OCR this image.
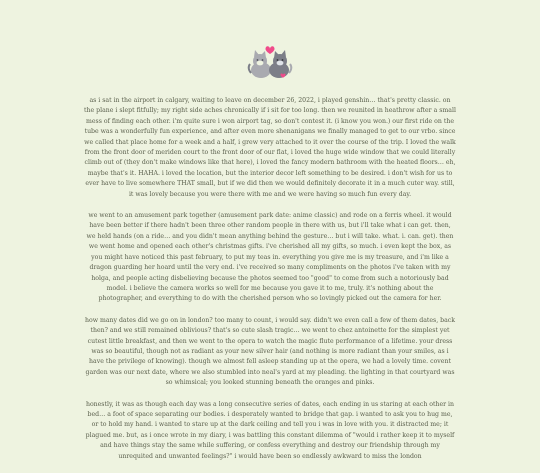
as i sat in the airport in calgary, waiting to leave on december 26, 2022, i played genshin… that's pretty classic. on the plane i slept fitfully; my right side aches chronically if i sit for too long. then we reunited in heathrow after a small mess of finding each other. i'm quite sure i won airport tag, so don't contest it. (i know you won.) our first ride on the tube was a wonderfully fun experience, and after even more shenanigans we finally managed to get to our vrbo. since we called that place home for a week and a half, i grew very attached to it over the course of the trip. I loved the walk from the front door of meriden court to the front door of our flat, i loved the huge wide window that we could literally climb out of (they don't make windows like that here), i loved the fancy modern bathroom with the heated floors… eh, maybe that's it. HAHA. i loved the location, but the interior decor left something to be desired. i don't wish for us to ever have to live somewhere THAT small, but if we did then we would definitely decorate it in a much cuter way. still, it was lovely because you were there with me and we were having so much fun every day.

we went to an amusement park together (amusement park date: anime classic) and rode on a ferris wheel. it would have been better if there hadn't been three other random people in there with us, but i'll take what i can get. then, we held hands (on a ride… and you didn't mean anything behind the gesture… but i will take. what. i. can. get). then we went home and opened each other's christmas gifts. i've cherished all my gifts, so much. i even kept the box, as you might have noticed this past february, to put my teas in. everything you give me is my treasure, and i'm like a dragon guarding her hoard until the very end. i've received so many compliments on the photos i've taken with my holga, and people acting disbelieving because the photos seemed too "good" to come from such a notoriously bad model. i believe the camera works so well for me because you gave it to me, truly. it's nothing about the photographer, and everything to do with the cherished person who so lovingly picked out the camera for her.

how many dates did we go on in london? too many to count, i would say. didn't we even call a few of them dates, back then? and we still remained oblivious? that's so cute slash tragic… we went to chez antoinette for the simplest yet cutest little breakfast, and then we went to the opera to watch the magic flute performance of a lifetime. your dress was so beautiful, though not as radiant as your new silver hair (and nothing is more radiant than your smiles, as i have the privilege of knowing). though we almost fell asleep standing up at the opera, we had a lovely time. covent garden was our next date, where we also stumbled into neal's yard at my pleading. the lighting in that courtyard was so whimsical; you looked stunning beneath the oranges and pinks.

honestly, it was as though each day was a long consecutive series of dates, each ending in us staring at each other in bed… a foot of space separating our bodies. i desperately wanted to bridge that gap. i wanted to ask you to hug me, or to hold my hand. i wanted to stare up at the dark ceiling and tell you i was in love with you. it distracted me; it plagued me. but, as i once wrote in my diary, i was battling this constant dilemma of "would i rather keep it to myself and have things stay the same while suffering, or confess everything and destroy our friendship through my unrequited and unwanted feelings?" i would have been so endlessly awkward to miss the london
